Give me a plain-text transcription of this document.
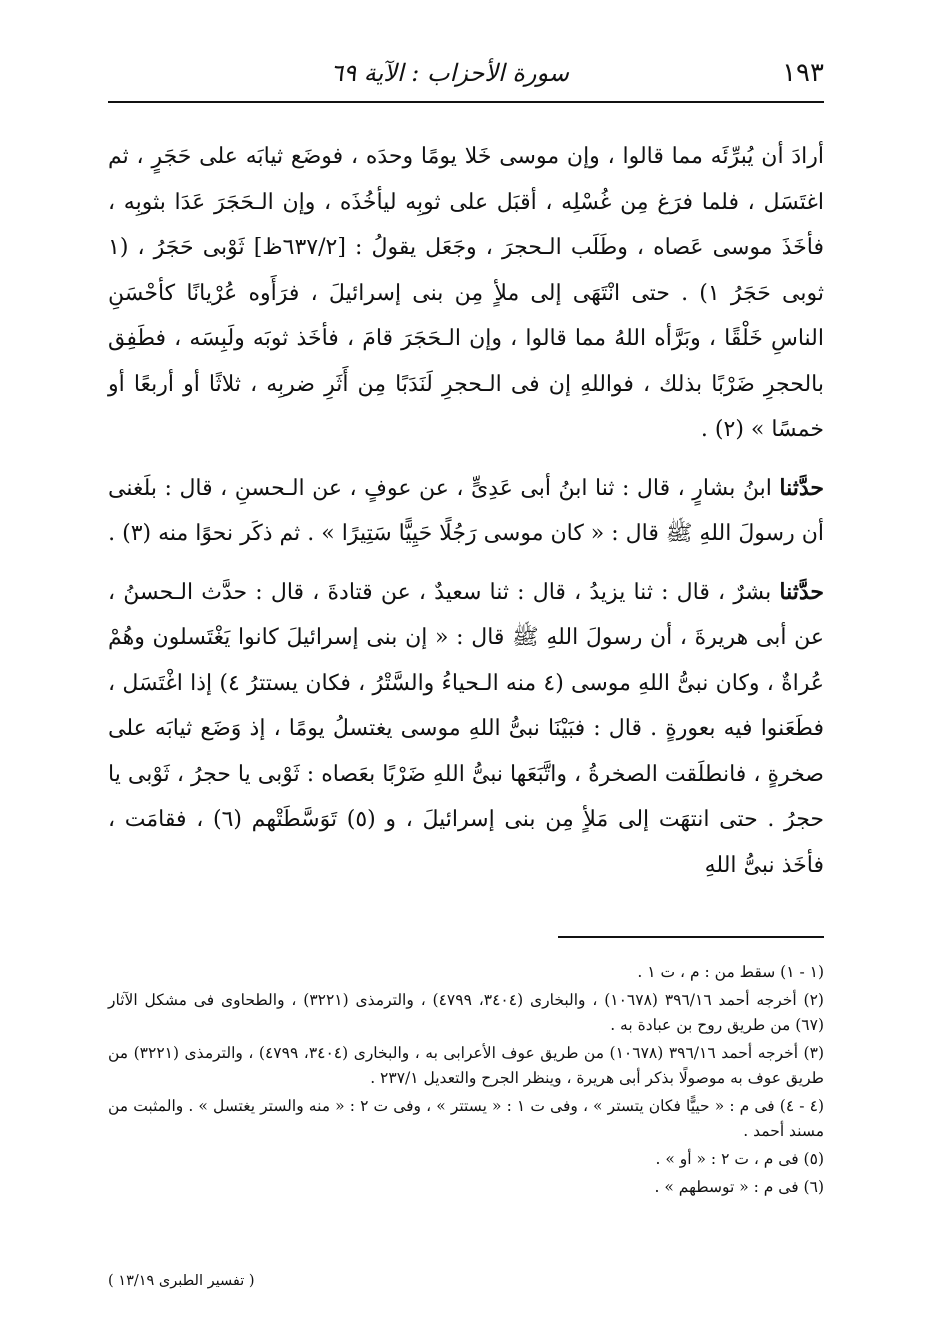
١٩٣
سورة الأحزاب : الآية ٦٩

أرادَ أن يُبرِّئَه مما قالوا ، وإن موسى خَلا يومًا وحدَه ، فوضَع ثيابَه على حَجَرٍ ، ثم اغتَسَل ، فلما فرَغ مِن غُسْلِه ، أقبَل على ثوبِه ليأخُذَه ، وإن الـحَجَرَ عَدَا بثوبِه ، فأخَذَ موسى عَصاه ، وطَلَب الـحجرَ ، وجَعَل يقولُ : [٦٣٧/٢ظ] ثَوْبى حَجَرُ ، (١ ثوبى حَجَرُ ١) . حتى انْتَهَى إلى ملأٍ مِن بنى إسرائيلَ ، فرَأَوه عُرْيانًا كأحْسَنِ الناسِ خَلْقًا ، وبَرَّأه اللهُ مما قالوا ، وإن الـحَجَرَ قامَ ، فأخَذ ثوبَه ولَبِسَه ، فطَفِق بالحجرِ ضَرْبًا بذلك ، فواللهِ إن فى الـحجرِ لَنَدَبًا مِن أَثَرِ ضربِه ، ثلاثًا أو أربعًا أو خمسًا » (٢) .

حدَّثنا ابنُ بشارٍ ، قال : ثنا ابنُ أبى عَدِىٍّ ، عن عوفٍ ، عن الـحسنِ ، قال : بلَغنى أن رسولَ اللهِ ﷺ قال : « كان موسى رَجُلًا حَيِيًّا سَتِيرًا » . ثم ذكَر نحوًا منه (٣) .

حدَّثنا بشرٌ ، قال : ثنا يزيدُ ، قال : ثنا سعيدٌ ، عن قتادةَ ، قال : حدَّث الـحسنُ ، عن أبى هريرةَ ، أن رسولَ اللهِ ﷺ قال : « إن بنى إسرائيلَ كانوا يَغْتَسلون وهُمْ عُراةٌ ، وكان نبىُّ اللهِ موسى (٤ منه الـحياءُ والسَّتْرُ ، فكان يستترُ ٤) إذا اغْتَسَل ، فطَعَنوا فيه بعورةٍ . قال : فبَيْنَا نبىُّ اللهِ موسى يغتسلُ يومًا ، إذ وَضَع ثيابَه على صخرةٍ ، فانطلَقت الصخرةُ ، واتَّبَعَها نبىُّ اللهِ ضَرْبًا بعَصاه : ثَوْبى يا حجرُ ، ثَوْبى يا حجرُ . حتى انتهَت إلى مَلأٍ مِن بنى إسرائيلَ ، و (٥) تَوَسَّطَتْهم (٦) ، فقامَت ، فأخَذ نبىُّ اللهِ

(١ - ١) سقط من : م ، ت ١ .

(٢) أخرجه أحمد ٣٩٦/١٦ (١٠٦٧٨) ، والبخارى (٣٤٠٤، ٤٧٩٩) ، والترمذى (٣٢٢١) ، والطحاوى فى مشكل الآثار (٦٧) من طريق روح بن عبادة به .

(٣) أخرجه أحمد ٣٩٦/١٦ (١٠٦٧٨) من طريق عوف الأعرابى به ، والبخارى (٣٤٠٤، ٤٧٩٩) ، والترمذى (٣٢٢١) من طريق عوف به موصولًا بذكر أبى هريرة ، وينظر الجرح والتعديل ٢٣٧/١ .

(٤ - ٤) فى م : « حييًّا فكان يتستر » ، وفى ت ١ : « يستتر » ، وفى ت ٢ : « منه والستر يغتسل » . والمثبت من مسند أحمد .

(٥) فى م ، ت ٢ : « أو » .

(٦) فى م : « توسطهم » .

( تفسير الطبرى ١٣/١٩ )
